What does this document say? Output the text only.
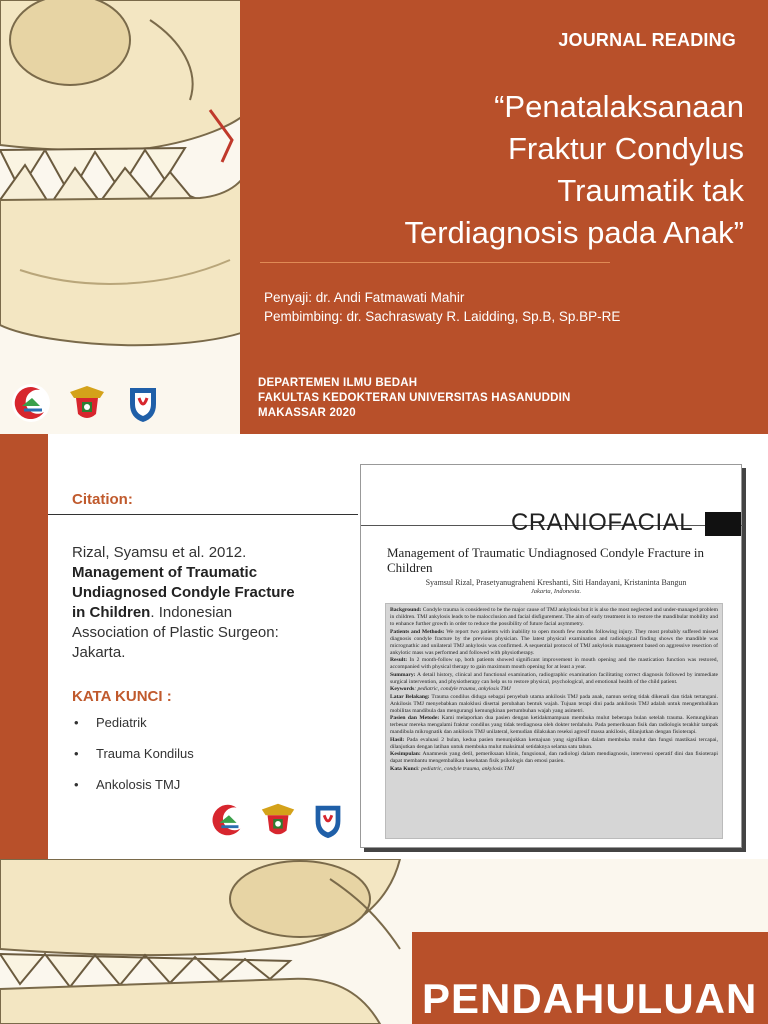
JOURNAL READING
“Penatalaksanaan
Fraktur Condylus
Traumatik tak
Terdiagnosis pada Anak”
Penyaji: dr. Andi Fatmawati Mahir
Pembimbing: dr. Sachraswaty R. Laidding, Sp.B, Sp.BP-RE
DEPARTEMEN ILMU BEDAH
FAKULTAS KEDOKTERAN UNIVERSITAS HASANUDDIN
MAKASSAR 2020
Citation:
Rizal, Syamsu et al. 2012. Management of Traumatic Undiagnosed Condyle Fracture in Children. Indonesian Association of Plastic Surgeon: Jakarta.
KATA KUNCI :
•	Pediatrik
•	Trauma Kondilus
•	Ankolosis TMJ
CRANIOFACIAL
Management of Traumatic Undiagnosed Condyle Fracture in Children
Syamsul Rizal, Prasetyanugraheni Kreshanti, Siti Handayani, Kristaninta Bangun
Jakarta, Indonesia.

Background: Condyle trauma is considered to be the major cause of TMJ ankylosis but it is also the most neglected and under-managed problem in children. TMJ ankylosis leads to be malocclusion and facial disfigurement. The aim of early treatment is to restore the mandibular mobility and to enhance further growth in order to reduce the possibility of future facial asymmetry.

Patients and Methods: We report two patients with inability to open mouth few months following injury. They most probably suffered missed diagnosis condyle fracture by the previous physician. The latest physical examination and radiological finding shows the mandible was micrognathic and unilateral TMJ ankylosis was confirmed. A sequential protocol of TMJ ankylosis management based on aggressive resection of ankylotic mass was performed and followed with physiotherapy.

Result: In 2 month-follow up, both patients showed significant improvement in mouth opening and the mastication function was restored, accompanied with physical therapy to gain maximum mouth opening for at least a year.

Summary: A detail history, clinical and functional examination, radiographic examination facilitating correct diagnosis followed by immediate surgical intervention, and physiotherapy can help us to restore physical, psychological, and emotional health of the child patient.

Keywords: pediatric, condyle trauma, ankylosis TMJ

Latar Belakang: Trauma condilus diduga sebagai penyebab utama ankilosis TMJ pada anak, namun sering tidak dikenali dan tidak tertangani. Ankilosis TMJ menyebabkan maloklusi disertai perubahan bentuk wajah. Tujuan terapi dini pada ankilosis TMJ adalah untuk mengembalikan mobilitas mandibula dan mengurangi kemungkinan pertumbuhan wajah yang asimetri.

Pasien dan Metode: Kami melaporkan dua pasien dengan ketidakmampuan membuka mulut beberapa bulan setelah trauma. Kemungkinan terbesar mereka mengalami fraktur condilus yang tidak terdiagnosa oleh dokter terdahulu. Pada pemeriksaan fisik dan radiologis terakhir tampak mandibula mikrognatik dan ankilosis TMJ unilateral, kemudian dilakukan reseksi agresif massa ankilosis, dilanjutkan dengan fisioterapi.

Hasil: Pada evaluasi 2 bulan, kedua pasien menunjukkan kemajuan yang signifikan dalam membuka mulut dan fungsi mastikasi tercapai, dilanjutkan dengan latihan untuk membuka mulut maksimal setidaknya selama satu tahun.

Kesimpulan: Anamnesis yang detil, pemeriksaan klinis, fungsional, dan radiologi dalam mendiagnosis, intervensi operatif dini dan fisioterapi dapat membantu mengembalikan kesehatan fisik psikologis dan emosi pasien.

Kata Kunci: pediatric, condyle trauma, ankylosis TMJ

PENDAHULUAN
